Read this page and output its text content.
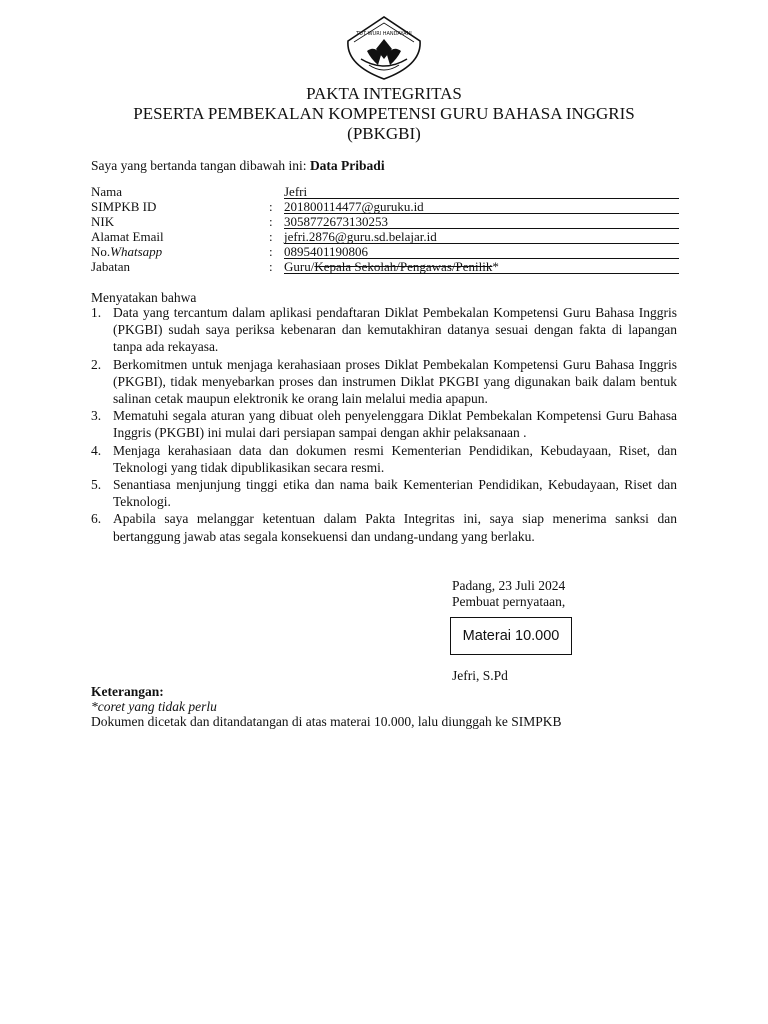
TUT WURI HANDAYANI
PAKTA INTEGRITAS
PESERTA PEMBEKALAN KOMPETENSI GURU BAHASA INGGRIS
(PBKGBI)
Saya yang bertanda tangan dibawah ini: Data Pribadi
Nama	Jefri
SIMPKB ID	: 201800114477@guruku.id
NIK	: 3058772673130253
Alamat Email	: jefri.2876@guru.sd.belajar.id
No.Whatsapp	: 0895401190806
Jabatan	: Guru/Kepala Sekolah/Pengawas/Penilik*
Menyatakan bahwa

1. Data yang tercantum dalam aplikasi pendaftaran Diklat Pembekalan Kompetensi Guru Bahasa Inggris (PKGBI) sudah saya periksa kebenaran dan kemutakhiran datanya sesuai dengan fakta di lapangan tanpa ada rekayasa.

2. Berkomitmen untuk menjaga kerahasiaan proses Diklat Pembekalan Kompetensi Guru Bahasa Inggris (PKGBI), tidak menyebarkan proses dan instrumen Diklat PKGBI yang digunakan baik dalam bentuk salinan cetak maupun elektronik ke orang lain melalui media apapun.

3. Mematuhi segala aturan yang dibuat oleh penyelenggara Diklat Pembekalan Kompetensi Guru Bahasa Inggris (PKGBI) ini mulai dari persiapan sampai dengan akhir pelaksanaan .

4. Menjaga kerahasiaan data dan dokumen resmi Kementerian Pendidikan, Kebudayaan, Riset, dan Teknologi yang tidak dipublikasikan secara resmi.

5. Senantiasa menjunjung tinggi etika dan nama baik Kementerian Pendidikan, Kebudayaan, Riset dan Teknologi.

6. Apabila saya melanggar ketentuan dalam Pakta Integritas ini, saya siap menerima sanksi dan bertanggung jawab atas segala konsekuensi dan undang-undang yang berlaku.

Padang, 23 Juli 2024
Pembuat pernyataan,
Materai 10.000
Jefri, S.Pd
Keterangan:
*coret yang tidak perlu
Dokumen dicetak dan ditandatangan di atas materai 10.000, lalu diunggah ke SIMPKB
